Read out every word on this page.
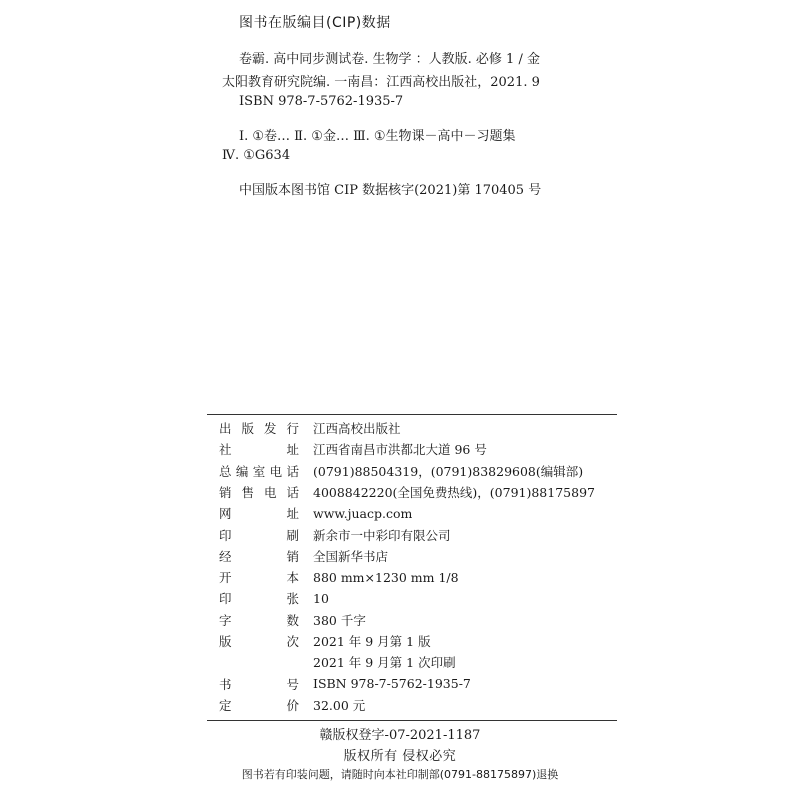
图书在版编目(CIP)数据
卷霸. 高中同步测试卷. 生物学 ：人教版. 必修 1 / 金
太阳教育研究院编. 一南昌：江西高校出版社，2021. 9
ISBN 978-7-5762-1935-7
Ⅰ. ①卷… Ⅱ. ①金… Ⅲ. ①生物课－高中－习题集
Ⅳ. ①G634
中国版本图书馆 CIP 数据核字(2021)第 170405 号
出 版 发 行 江西高校出版社
社	址 江西省南昌市洪都北大道 96 号
总 编 室 电 话 (0791)88504319，(0791)83829608(编辑部)
销 售 电 话 4008842220(全国免费热线)，(0791)88175897
网	址 www.juacp.com
印	刷 新余市一中彩印有限公司
经	销 全国新华书店
开	本 880 mm×1230 mm 1/8
印	张 10
字	数 380 千字
版	次 2021 年 9 月第 1 版
2021 年 9 月第 1 次印刷
书	号 ISBN 978-7-5762-1935-7
定	价 32.00 元
赣版权登字-07-2021-1187
版权所有 侵权必究
图书若有印装问题，请随时向本社印制部(0791-88175897)退换
